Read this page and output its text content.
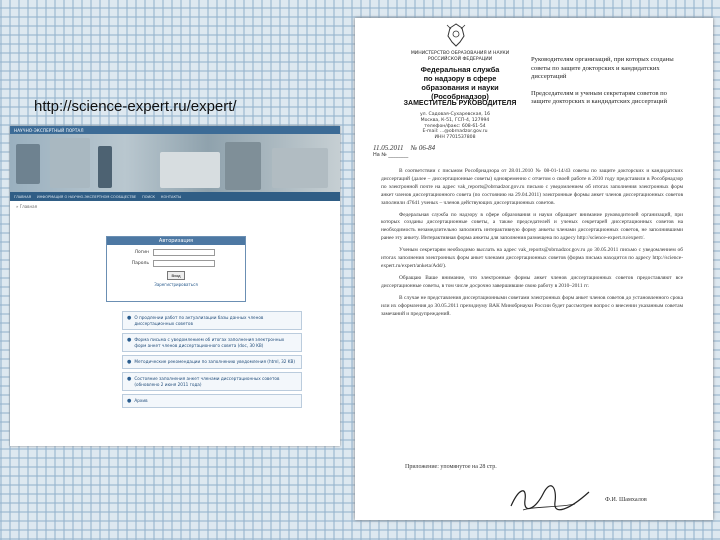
http://science-expert.ru/expert/
НАУЧНО-ЭКСПЕРТНЫЙ ПОРТАЛ
ГЛАВНАЯ ИНФОРМАЦИЯ О НАУЧНО-ЭКСПЕРТНОМ СООБЩЕСТВЕ ПОИСК КОНТАКТЫ
» Главная
Авторизация
Логин
Пароль
Вход
Зарегистрироваться
● О продлении работ по актуализации базы данных членов диссертационных советов
● Форма письма с уведомлением об итогах заполнения электронных форм анкет членов диссертационного совета (doc, 30 KB)
● Методические рекомендации по заполнению уведомления (html, 32 KB)
● Состояние заполнения анкет членами диссертационных советов (обновлено 2 июня 2011 года)
● Архив
МИНИСТЕРСТВО ОБРАЗОВАНИЯ И НАУКИ
РОССИЙСКОЙ ФЕДЕРАЦИИ
Федеральная служба
по надзору в сфере
образования и науки
(Рособрнадзор)
ЗАМЕСТИТЕЛЬ РУКОВОДИТЕЛЯ
ул. Садовая-Сухаревская, 16
Москва, К-51, ГСП-4, 127994
телефон/факс: 608-61-54
E-mail: ...@obrnadzor.gov.ru
ИНН 7701537808
11.05.2011 № 06-84
На № ________

Руководителям организаций, при которых созданы советы по защите докторских и кандидатских диссертаций

Председателям и ученым секретарям советов по защите докторских и кандидатских диссертаций

В соответствии с письмом Рособрнадзора от 28.01.2010 № 08-01-14/43 советы по защите докторских и кандидатских диссертаций (далее – диссертационные советы) одновременно с отчетом о своей работе в 2010 году представили в Рособрнадзор по электронной почте на адрес vak_reports@obrnadzor.gov.ru письмо с уведомлением об итогах заполнения электронных форм анкет членов диссертационного совета (по состоянию на 29.04.2011) электронные формы анкет членов диссертационных советов заполнили 47641 ученых – членов действующих диссертационных советов.

Федеральная служба по надзору в сфере образования и науки обращает внимание руководителей организаций, при которых созданы диссертационные советы, а также председателей и ученых секретарей диссертационных советов на необходимость незамедлительно заполнить интерактивную форму анкеты членами диссертационных советов, не заполнившими ранее эту анкету. Интерактивная форма анкеты для заполнения размещена по адресу http://science-expert.ru/expert/.

Ученым секретарям необходимо выслать на адрес vak_reports@obrnadzor.gov.ru до 30.05.2011 письмо с уведомлением об итогах заполнения электронных форм анкет членами диссертационных советов (форма письма находится по адресу http://science-expert.ru/expert/anketa/Add/).

Обращаю Ваше внимание, что электронные формы анкет членов диссертационных советов предоставляют все диссертационные советы, в том числе досрочно завершившие свою работу в 2010–2011 гг.

В случае не представления диссертационными советами электронных форм анкет членов советов до установленного срока или их оформления до 30.05.2011 президиуму ВАК Минобрнауки России будет рассмотрен вопрос о внесении указанным советам замечаний и предупреждений.

Приложение: упомянутое на 28 стр.
Ф.И. Шамхалов
